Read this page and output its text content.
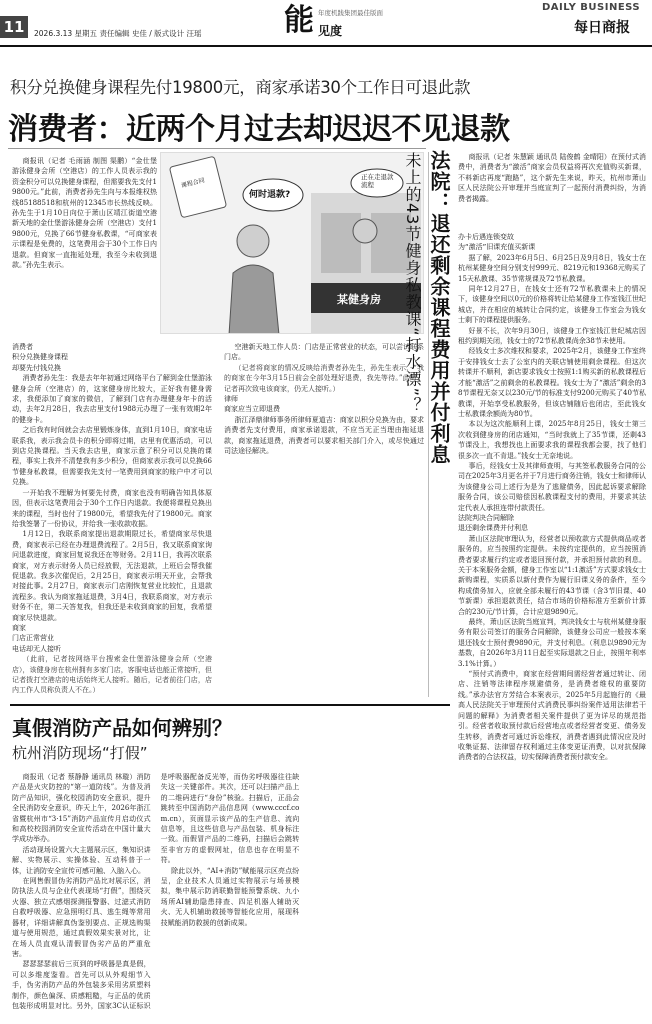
11	2026.3.13 星期五 责任编辑 史佳 / 版式设计 汪瑶	能 见度
年度机践集团最佳版面	DAILY BUSINESS
每日商报
积分兑换健身课程先付19800元，商家承诺30个工作日可退此款
消费者：近两个月过去却迟迟不见退款
商报讯（记者 毛雨涵 制图 渠鹏）“金仕堡游泳健身会所（空港店）的工作人员表示我的资金积分可以兑换健身课程，但需要我先支付19800元。”此前，消费者孙先生向与本报维权热线85188518和杭州的12345市长热线反映。孙先生于1月10日向位于萧山区靖江街道空港新天地的金仕堡游泳健身会所（空港店）支付19800元，兑换了66节健身私教课，“可商家表示课程是免费的，这笔费用会于30个工作日内退款。但商家一直拖延处理，我至今未收到退款。”孙先生表示。
何时退款?
正在走退款流程
课程合同
某健身房

消费者

积分兑换健身课程

却要先付钱兑换

消费者孙先生：我是去年年初通过网络平台了解到金仕堡游泳健身会所（空港店）的，这家健身房比较大，正好我有健身需求，我便添加了商家的微信，了解到门店有办理健身年卡的活动，去年2月28日，我去店里支付1988元办理了一张有效期2年的健身卡。

之后我有时间就会去店里锻炼身体，直到1月10日，商家电话联系我，表示我会员卡的积分即将过期，店里有优惠活动，可以到店兑换课程。当天我去店里，商家示意了积分可以兑换的课程，事实上我并不清楚我有多少积分，但商家表示我可以兑换66节健身私教课，但需要我先支付一笔费用到商家的账户中才可以兑换。

一开始我不理解为何要先付费，商家也没有明确告知具体原因，但表示这笔费用会于30个工作日内退款。我便将课程兑换出来的课程，当时也付了19800元，希望我先付了19800元。商家给我签署了一份协议，并给我一张收款收据。

1月12日，我联系商家提出退款期限过长，希望商家尽快退费，商家表示已经在办理退费流程了。2月5日，我又联系商家询问退款进度，商家回复说我还在等财务。2月11日，我再次联系商家，对方表示财务人员已经放假，无法退款，上班后会帮我催促退款。我多次催促后，2月25日，商家表示明天开业，会帮我对接此事。2月27日，商家表示门店刚恢复营业比较忙，且退款流程多。我认为商家拖延退费，3月4日，我联系商家，对方表示财务不在，第二天答复我，但我还是未收到商家的回复，我希望商家尽快退款。

商家

门店正常营业

电话却无人接听

（此前，记者按网络平台搜索金仕堡游泳健身会所（空港店），该健身房在杭州拥有多家门店，客服电话也能正常接听，但记者拨打空港店的电话始终无人接听。随后，记者前往门店，店内工作人员称负责人不在。）

空港新天地工作人员：门店是正常营业的状态，可以尝试联系门店。

（记者将商家的情况反映给消费者孙先生，孙先生表示，“我的商家在今年3月15日前会全部处理好退费，我先等待。”此时，记者再次致电该商家，仍无人接听。）

律师

商家应当立即退费

浙江泽鼎律师事务所律师夏道吉：商家以积分兑换为由，要求消费者先支付费用，商家承诺退款，不应当无正当理由拖延退款，商家拖延退费，消费者可以要求相关部门介入，或尽快通过司法途径解决。

未上的43节健身私教课“打水漂”？ 法院：退还剩余课程费用并付利息	商报讯（记者 朱慧颖 通讯员 陆俊鹤 金晴阳）在预付式消费中，消费者为“激活”商家会员权益将再次充值购买新课，不料新店再度“跑路”，这个新先生来说，昨天，杭州市萧山区人民法院公开审理并当庭宣判了一起预付消费纠纷，为消费者揭露。

办卡后遇连锁变故

为“激活”旧课充值买新课

据了解，2023年6月5日、6月25日及9月8日，钱女士在杭州某健身空间分别支付999元、8219元和19368元购买了15天私教课、35节常规课及72节私教课。

同年12月27日，在钱女士还有72节私教课未上的情况下，该健身空间以0元的价格将转让给某健身工作室钱江世纪城店，并在相应的城转让合同约定，该健身工作室会为钱女士剩下的课程提供服务。

好景不长，次年9月30日，该健身工作室钱江世纪城店因租约到期关闭，钱女士的72节私教课尚余38节未使用。

经钱女士多次维权和要求，2025年2月，该健身工作室终于安排钱女士去了公室内的关联店铺使用剩余课程。但这次转课并不顺利，新店要求钱女士按照1:1购买新的私教课程后才能“激活”之前剩余的私教课程。钱女士为了“激活”剩余的38节课程无奈又以230元/节的标准支付9200元购买了40节私教课，开始享受私教服务，但该店铺随后也闭店，至此钱女士私教课余额尚为80节。

本以为这次能顺利上课，2025年8月25日，钱女士第三次收到健身房的闭店通知，“当时我就上了35节课，还剩43节课没上，我想找也上面要求我的课程我都会要，找了他们很多次一直不肯退。”钱女士无奈地说。

事后，经钱女士及其律师查明，与其签私教服务合同的公司在2025年3月更名并于7月进行商务注销，钱女士和律师认为该健身公司上述行为是为了逃避债务，因此起诉要求解除服务合同，该公司赔偿因私教课程支付的费用，并要求其法定代表人承担连带付款责任。

法院判决合同解除

退还剩余课费并付利息

萧山区法院审理认为，经营者以预收款方式提供商品或者服务的，应当按照约定提供。未按约定提供的，应当按照消费者要求履行约定或者退回预付款，并承担预付款的利息。关于本案服务金额，健身工作室以“1:1激活”方式要求钱女士新购课程，实质系以新付费作为履行旧课义务的条件，至今构成债务加入，应就全部未履行的43节课（含3节旧课、40节新课）承担退款责任，结合市场的价格标准方至新价计算合的230元/节计算，合计应退9890元。

最终，萧山区法院当庭宣判，判决钱女士与杭州某健身服务有限公司签订的服务合同解除，该健身公司应一般按本案退还钱女士预付费9890元，并支付利息。（利息以9890元为基数，自2026年3月11日起至实际退款之日止，按照年利率3.1%计算。）

“预付式消费中，商家在经营期间需经营者通过转让、闭店、注销等法律程序规避债务，是消费者维权的重要防线。”承办法官方芳结合本案表示，2025年5月起施行的《最高人民法院关于审理预付式消费民事纠纷案件适用法律若干问题的解释》为消费者相关案件提供了更为详尽的规范指引。经营者收取预付款后经营地点或者经营者变更、债务发生转移，消费者可通过诉讼维权，消费者遇到此情况应及时收集证据、法律留存权利通过主体变更证消费，以对抗保障消费者的合法权益，切实保障消费者预付款安全。

真假消防产品如何辨别？
杭州消防现场“打假”

商报讯（记者 蔡静静 通讯员 林璇）消防产品是火灾防控的“第一道防线”。为普及消防产品知识，强化校园消防安全意识，提升全民消防安全意识，昨天上午，2026年浙江省暨杭州市“3·15”消防产品宣传月启动仪式和高校校园消防安全宣传活动在中国计量大学成功举办。

活动现场设置六大主题展示区，集知识讲解、实物展示、实操体验、互动科普于一体，让消防安全宣传可感可触、入脑入心。

在网售假冒伪劣消防产品比对展示区，消防执法人员与企业代表现场“打假”，围绕灭火器、独立式感烟探测报警器、过滤式消防自救呼吸器、应急照明灯具、逃生绳等常用器材，详细讲解真伪鉴别要点、正规选购渠道与使用规范，通过真假效果实景对比，让在场人员直观认清假冒伪劣产品的严重危害。

瑟瑟瑟瑟前后三页到的呼吸器是真是假，可以多维度鉴看。首先可以从外观细节入手，伪劣消防产品的外包装多采用劣质塑料制作，颜色偏深、质感粗糙，与正品的优质包装形成明显对比。另外，国家3C认证标识是呼吸器配备反光等，而伪劣呼吸器往往缺失这一关键部件。其次，还可以扫描产品上的二维码进行“身份”核验。扫描后，正品会跳转至中国消防产品信息网（www.cccf.com.cn），页面显示该产品的生产信息、流向信息等，且这些信息与产品包装、机身标注一致。而假冒产品的二维码，扫描后会跳转至非官方的虚假网址，信息也存在明显不符。

除此以外，“AI+消防”赋能展示区亮点纷呈，企业技术人员通过实物展示与场景模拟，集中展示防消联勤智能预警系统、九小场所AI辅助隐患排查、四足机器人辅助灭火、无人机辅助救援等智能化应用，展现科技赋能消防救援的创新成果。
